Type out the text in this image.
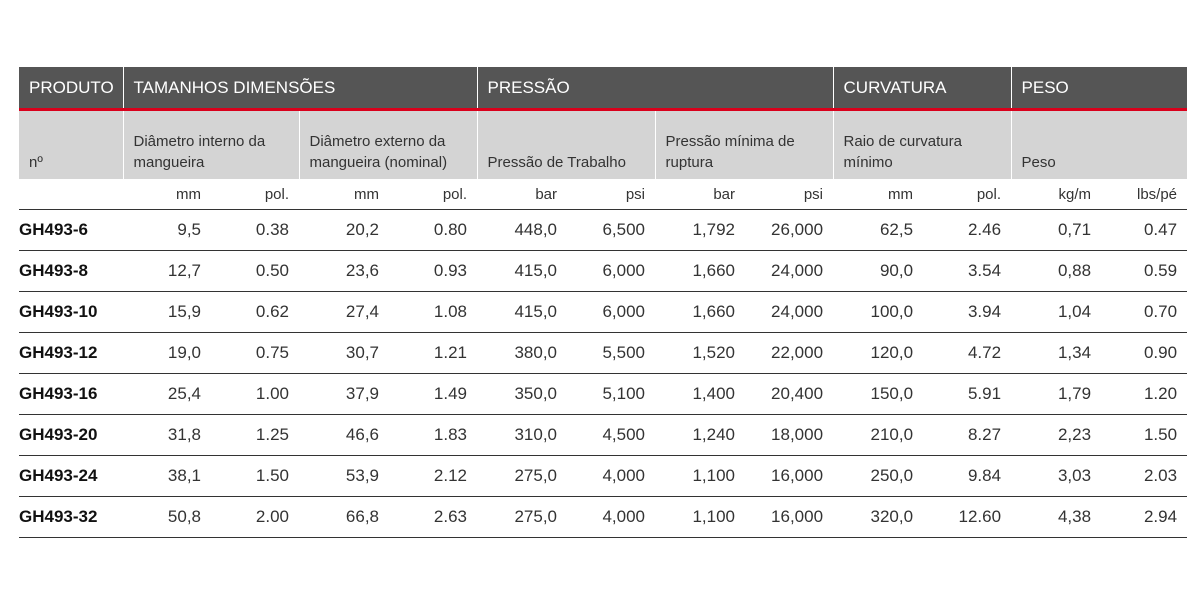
PRODUTO	TAMANHOS DIMENSÕES				PRESSÃO				CURVATURA		PESO	
nº	Diâmetro interno da mangueira		Diâmetro externo da mangueira (nominal)		Pressão de Trabalho		Pressão mínima de ruptura		Raio de curvatura mínimo		Peso	
	mm	pol.	mm	pol.	bar	psi	bar	psi	mm	pol.	kg/m	lbs/pé
GH493-6	9,5	0.38	20,2	0.80	448,0	6,500	1,792	26,000	62,5	2.46	0,71	0.47
GH493-8	12,7	0.50	23,6	0.93	415,0	6,000	1,660	24,000	90,0	3.54	0,88	0.59
GH493-10	15,9	0.62	27,4	1.08	415,0	6,000	1,660	24,000	100,0	3.94	1,04	0.70
GH493-12	19,0	0.75	30,7	1.21	380,0	5,500	1,520	22,000	120,0	4.72	1,34	0.90
GH493-16	25,4	1.00	37,9	1.49	350,0	5,100	1,400	20,400	150,0	5.91	1,79	1.20
GH493-20	31,8	1.25	46,6	1.83	310,0	4,500	1,240	18,000	210,0	8.27	2,23	1.50
GH493-24	38,1	1.50	53,9	2.12	275,0	4,000	1,100	16,000	250,0	9.84	3,03	2.03
GH493-32	50,8	2.00	66,8	2.63	275,0	4,000	1,100	16,000	320,0	12.60	4,38	2.94
